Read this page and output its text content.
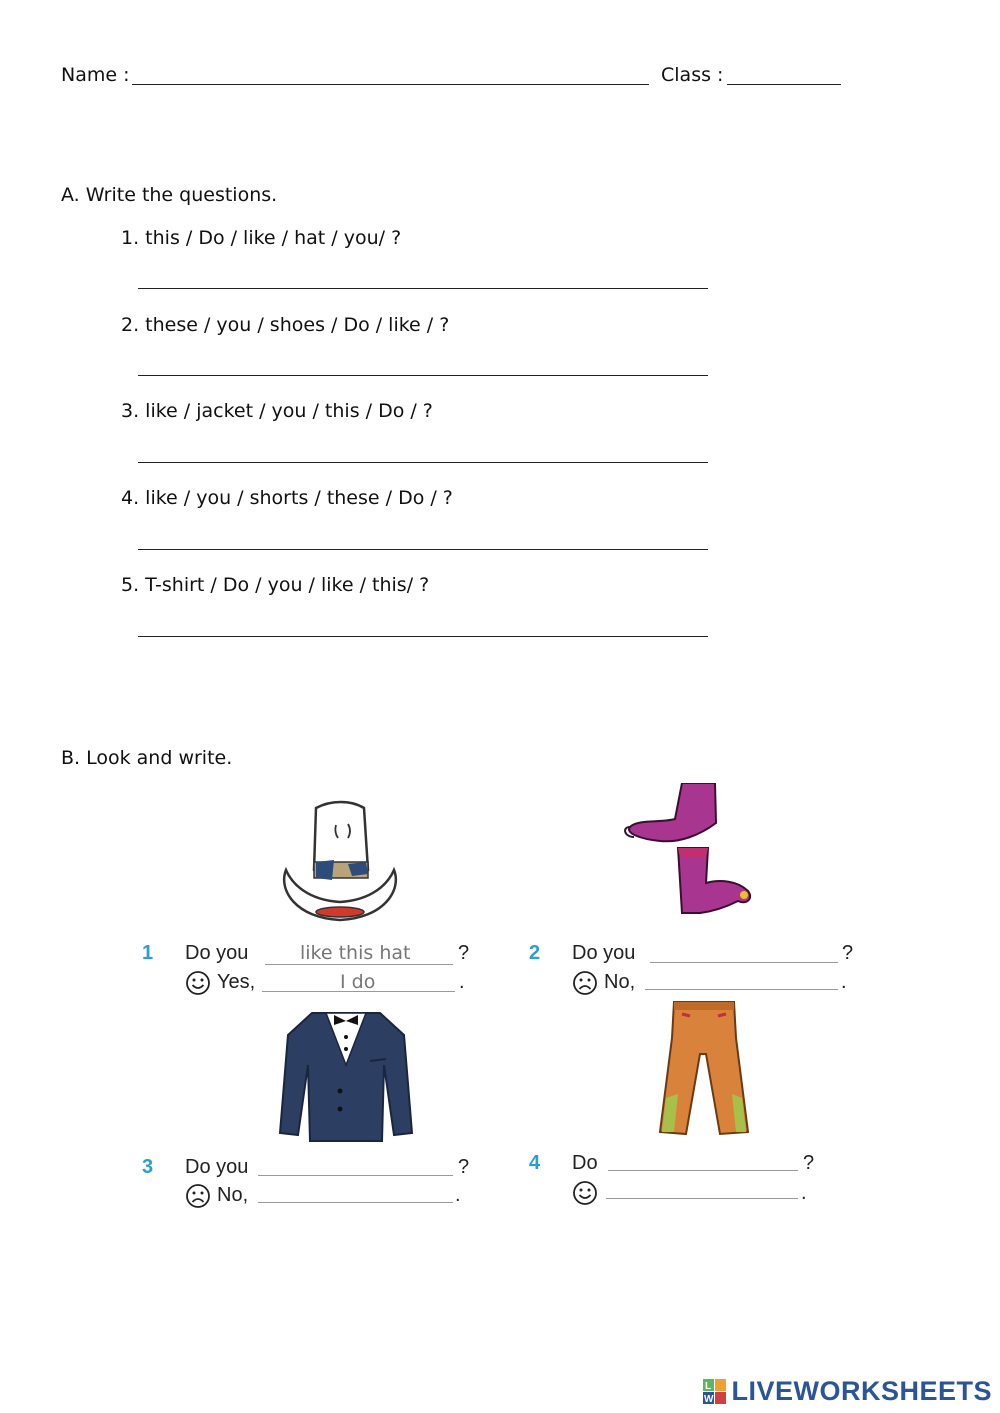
Name :	Class :
A. Write the questions.
1. this / Do / like / hat / you/ ?
2. these / you / shoes / Do / like / ?
3. like / jacket / you / this / Do / ?
4. like / you / shorts / these / Do / ?
5. T-shirt / Do / you / like / this/ ?
B. Look and write.
1 Do you	like this hat ?
Yes,	I do	.
2 Do you	?
No,	.
3 Do you	?
No,	.
4 Do	?
.
L
W LIVEWORKSHEETS
